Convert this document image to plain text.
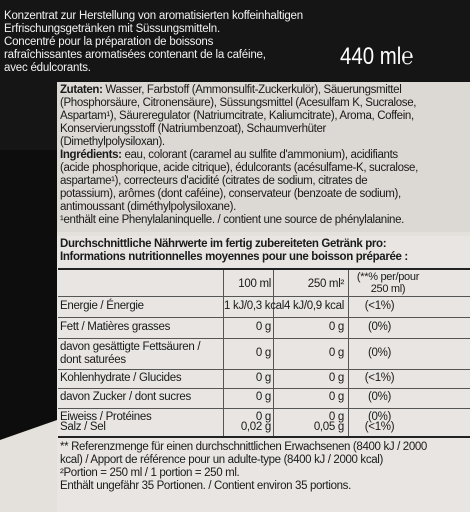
Konzentrat zur Herstellung von aromatisierten koffeinhaltigen
Erfrischungsgetränken mit Süssungsmitteln.
Concentré pour la préparation de boissons
rafraîchissantes aromatisées contenant de la caféine,
avec édulcorants.	440 ml℮
Zutaten: Wasser, Farbstoff (Ammonsulfit-Zuckerkulör), Säuerungsmittel
(Phosphorsäure, Citronensäure), Süssungsmittel (Acesulfam K, Sucralose,
Aspartam¹), Säureregulator (Natriumcitrate, Kaliumcitrate), Aroma, Coffein,
Konservierungsstoff (Natriumbenzoat), Schaumverhüter
(Dimethylpolysiloxan).
Ingrédients: eau, colorant (caramel au sulfite d'ammonium), acidifiants
(acide phosphorique, acide citrique), édulcorants (acésulfame-K, sucralose,
aspartame¹), correcteurs d'acidité (citrates de sodium, citrates de
potassium), arômes (dont caféine), conservateur (benzoate de sodium),
antimoussant (diméthylpolysiloxane).
¹enthält eine Phenylalaninquelle. / contient une source de phénylalanine.
Durchschnittliche Nährwerte im fertig zubereiteten Getränk pro:
Informations nutritionnelles moyennes pour une boisson préparée :
100 ml	250 ml²
(**% per/pour
250 ml)
Energie / Énergie	1 kJ/0,3 kcal 4 kJ/0,9 kcal	(<1%)
Fett / Matières grasses	0 g	0 g	(0%)
davon gesättigte Fettsäuren /
dont saturées
0 g	0 g	(0%)
Kohlenhydrate / Glucides	0 g	0 g	(<1%)
davon Zucker / dont sucres	0 g	0 g	(0%)
Eiweiss / Protéines	0 g	0 g	(0%)
Salz / Sel	0,02 g	0,05 g	(<1%)
** Referenzmenge für einen durchschnittlichen Erwachsenen (8400 kJ / 2000
kcal) / Apport de référence pour un adulte-type (8400 kJ / 2000 kcal)
²Portion = 250 ml / 1 portion = 250 ml.
Enthält ungefähr 35 Portionen. / Contient environ 35 portions.
